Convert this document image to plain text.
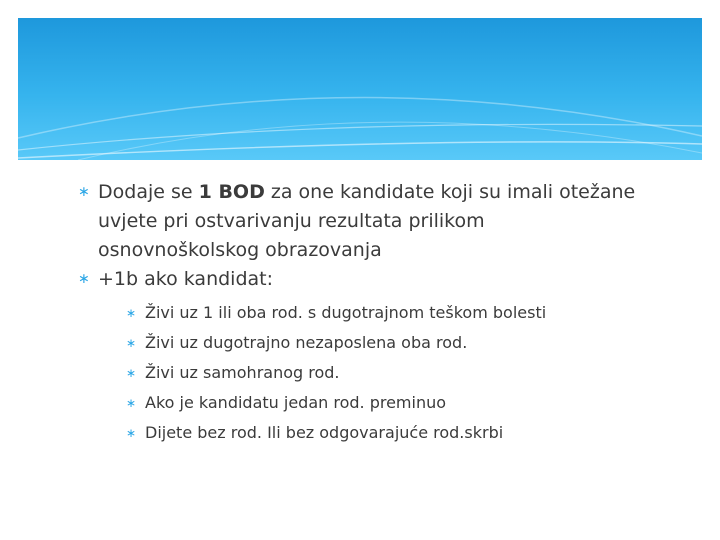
∗ Dodaje se 1 BOD za one kandidate koji su imali otežane uvjete pri ostvarivanju rezultata prilikom osnovnoškolskog obrazovanja
∗ +1b ako kandidat:
∗ Živi uz 1 ili oba rod. s dugotrajnom teškom bolesti
∗ Živi uz dugotrajno nezaposlena oba rod.
∗ Živi uz samohranog rod.
∗ Ako je kandidatu jedan rod. preminuo
∗ Dijete bez rod. Ili bez odgovarajuće rod.skrbi
